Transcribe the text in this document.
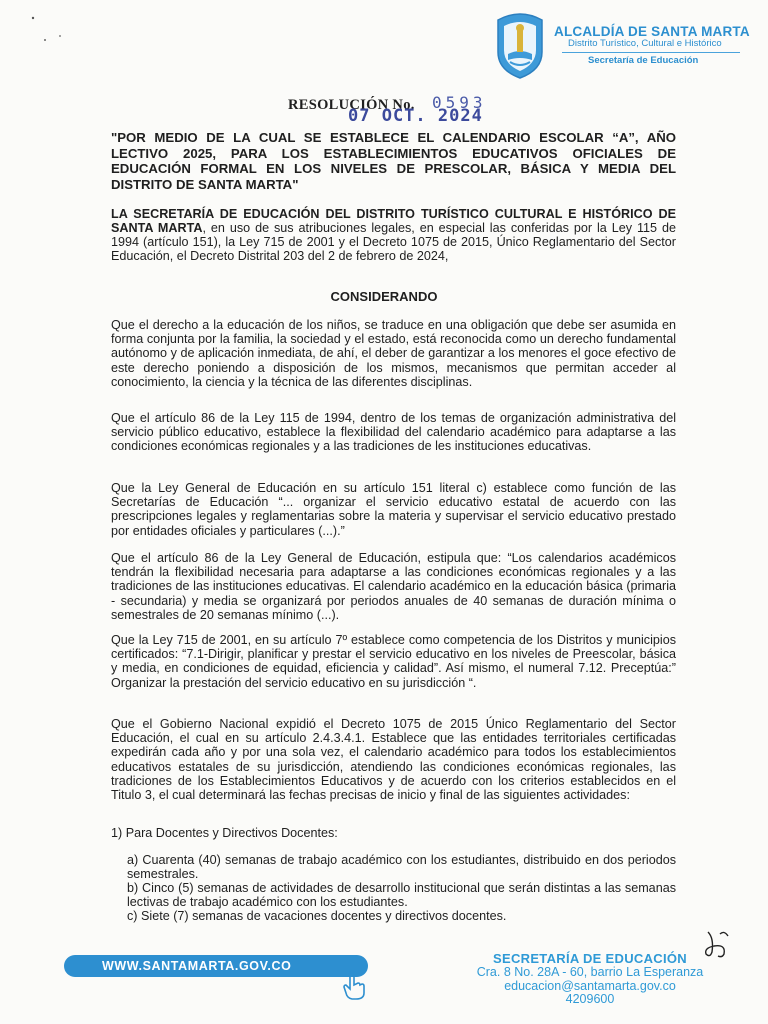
ALCALDÍA DE SANTA MARTA
Distrito Turístico, Cultural e Histórico
Secretaría de Educación
RESOLUCIÓN No. 0593
07 OCT. 2024
"POR MEDIO DE LA CUAL SE ESTABLECE EL CALENDARIO ESCOLAR “A”, AÑO LECTIVO 2025, PARA LOS ESTABLECIMIENTOS EDUCATIVOS OFICIALES DE EDUCACIÓN FORMAL EN LOS NIVELES DE PRESCOLAR, BÁSICA Y MEDIA DEL DISTRITO DE SANTA MARTA"
LA SECRETARÍA DE EDUCACIÓN DEL DISTRITO TURÍSTICO CULTURAL E HISTÓRICO DE SANTA MARTA, en uso de sus atribuciones legales, en especial las conferidas por la Ley 115 de 1994 (artículo 151), la Ley 715 de 2001 y el Decreto 1075 de 2015, Único Reglamentario del Sector Educación, el Decreto Distrital 203 del 2 de febrero de 2024,
CONSIDERANDO
Que el derecho a la educación de los niños, se traduce en una obligación que debe ser asumida en forma conjunta por la familia, la sociedad y el estado, está reconocida como un derecho fundamental autónomo y de aplicación inmediata, de ahí, el deber de garantizar a los menores el goce efectivo de este derecho poniendo a disposición de los mismos, mecanismos que permitan acceder al conocimiento, la ciencia y la técnica de las diferentes disciplinas.
Que el artículo 86 de la Ley 115 de 1994, dentro de los temas de organización administrativa del servicio público educativo, establece la flexibilidad del calendario académico para adaptarse a las condiciones económicas regionales y a las tradiciones de les instituciones educativas.
Que la Ley General de Educación en su artículo 151 literal c) establece como función de las Secretarías de Educación “... organizar el servicio educativo estatal de acuerdo con las prescripciones legales y reglamentarias sobre la materia y supervisar el servicio educativo prestado por entidades oficiales y particulares (...).”
Que el artículo 86 de la Ley General de Educación, estipula que: “Los calendarios académicos tendrán la flexibilidad necesaria para adaptarse a las condiciones económicas regionales y a las tradiciones de las instituciones educativas. El calendario académico en la educación básica (primaria - secundaria) y media se organizará por periodos anuales de 40 semanas de duración mínima o semestrales de 20 semanas mínimo (...).
Que la Ley 715 de 2001, en su artículo 7º establece como competencia de los Distritos y municipios certificados: “7.1-Dirigir, planificar y prestar el servicio educativo en los niveles de Preescolar, básica y media, en condiciones de equidad, eficiencia y calidad”. Así mismo, el numeral 7.12. Preceptúa:” Organizar la prestación del servicio educativo en su jurisdicción “.
Que el Gobierno Nacional expidió el Decreto 1075 de 2015 Único Reglamentario del Sector Educación, el cual en su artículo 2.4.3.4.1. Establece que las entidades territoriales certificadas expedirán cada año y por una sola vez, el calendario académico para todos los establecimientos educativos estatales de su jurisdicción, atendiendo las condiciones económicas regionales, las tradiciones de los Establecimientos Educativos y de acuerdo con los criterios establecidos en el Titulo 3, el cual determinará las fechas precisas de inicio y final de las siguientes actividades:
1) Para Docentes y Directivos Docentes:
a) Cuarenta (40) semanas de trabajo académico con los estudiantes, distribuido en dos periodos semestrales.
b) Cinco (5) semanas de actividades de desarrollo institucional que serán distintas a las semanas lectivas de trabajo académico con los estudiantes.
c) Siete (7) semanas de vacaciones docentes y directivos docentes.
WWW.SANTAMARTA.GOV.CO	SECRETARÍA DE EDUCACIÓN
Cra. 8 No. 28A - 60, barrio La Esperanza
educacion@santamarta.gov.co
4209600
